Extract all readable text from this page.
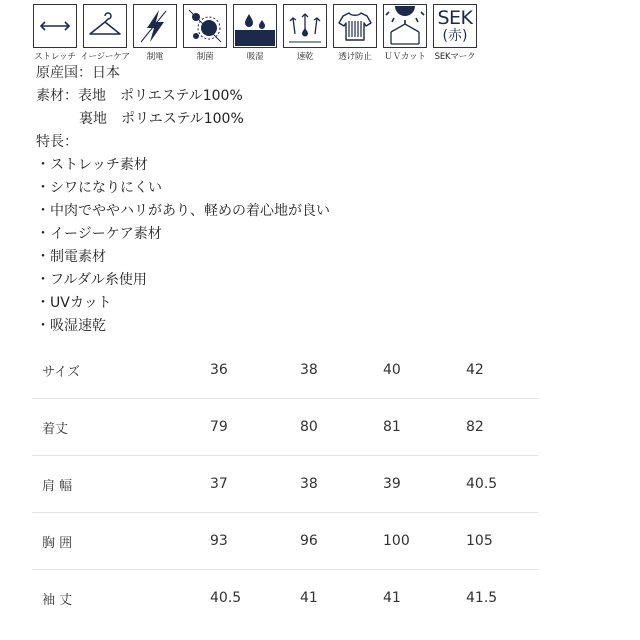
ストレッチ イージーケア 制電	制菌	吸湿	速乾	透け防止 ＵＶカット
SEK
(赤)
SEKマーク
原産国：日本
素材：表地　ポリエステル100%
裏地　ポリエステル100%
特長：
・ストレッチ素材
・シワになりにくい
・中肉でややハリがあり、軽めの着心地が良い
・イージーケア素材
・制電素材
・フルダル糸使用
・UVカット
・吸湿速乾
サイズ	36	38	40	42
着丈	79	80	81	82
肩 幅	37	38	39	40.5
胸 囲	93	96	100	105
袖 丈	40.5	41	41	41.5
